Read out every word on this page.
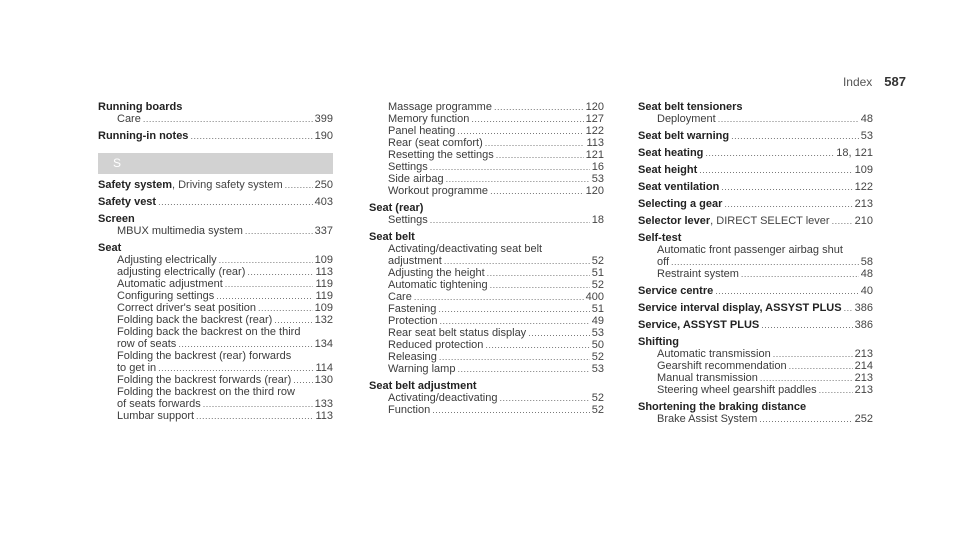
Index 587
Running boards
Care .....	399
Running-in notes .....	190
S
Safety system, Driving safety system .....	250
Safety vest .....	403
Screen
MBUX multimedia system .....	337
Seat
Adjusting electrically .....	109
adjusting electrically (rear) .....	113
Automatic adjustment .....	119
Configuring settings .....	119
Correct driver's seat position .....	109
Folding back the backrest (rear) .....	132
Folding back the backrest on the third
row of seats .....	134
Folding the backrest (rear) forwards
to get in .....	114
Folding the backrest forwards (rear) ..... 130
Folding the backrest on the third row
of seats forwards .....	133
Lumbar support .....	113
Massage programme .....	120
Memory function .....	127
Panel heating .....	122
Rear (seat comfort) .....	113
Resetting the settings .....	121
Settings .....	16
Side airbag .....	53
Workout programme .....	120
Seat (rear)
Settings .....	18
Seat belt
Activating/deactivating seat belt
adjustment .....	52
Adjusting the height .....	51
Automatic tightening .....	52
Care .....	400
Fastening .....	51
Protection .....	49
Rear seat belt status display .....	53
Reduced protection .....	50
Releasing .....	52
Warning lamp .....	53
Seat belt adjustment
Activating/deactivating .....	52
Function .....	52
Seat belt tensioners
Deployment .....	48
Seat belt warning .....	53
Seat heating .....	18, 121
Seat height .....	109
Seat ventilation .....	122
Selecting a gear .....	213
Selector lever, DIRECT SELECT lever ..... 210
Self-test
Automatic front passenger airbag shut
off .....	58
Restraint system .....	48
Service centre .....	40
Service interval display, ASSYST PLUS ..... 386
Service, ASSYST PLUS .....	386
Shifting
Automatic transmission .....	213
Gearshift recommendation .....	214
Manual transmission .....	213
Steering wheel gearshift paddles .....	213
Shortening the braking distance
Brake Assist System .....	252
